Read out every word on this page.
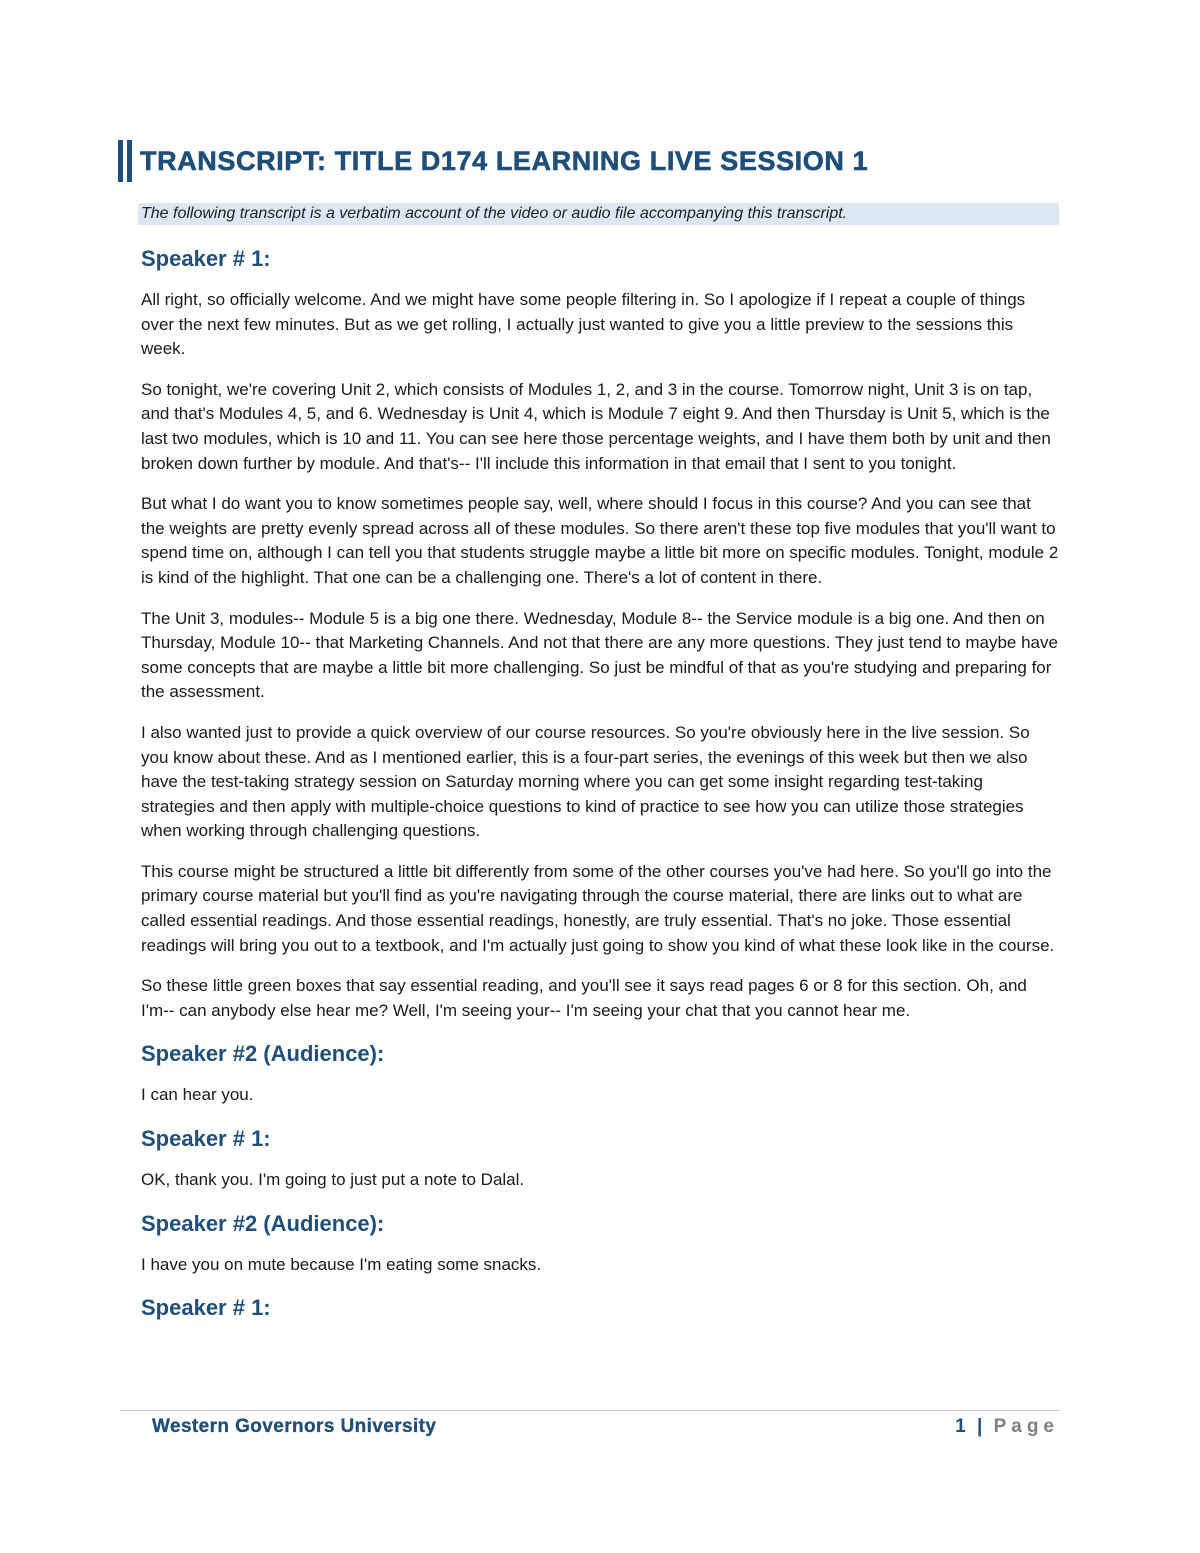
TRANSCRIPT: TITLE D174 LEARNING LIVE SESSION 1
The following transcript is a verbatim account of the video or audio file accompanying this transcript.
Speaker # 1:

All right, so officially welcome. And we might have some people filtering in. So I apologize if I repeat a couple of things over the next few minutes. But as we get rolling, I actually just wanted to give you a little preview to the sessions this week.

So tonight, we're covering Unit 2, which consists of Modules 1, 2, and 3 in the course. Tomorrow night, Unit 3 is on tap, and that's Modules 4, 5, and 6. Wednesday is Unit 4, which is Module 7 eight 9. And then Thursday is Unit 5, which is the last two modules, which is 10 and 11. You can see here those percentage weights, and I have them both by unit and then broken down further by module. And that's-- I'll include this information in that email that I sent to you tonight.

But what I do want you to know sometimes people say, well, where should I focus in this course? And you can see that the weights are pretty evenly spread across all of these modules. So there aren't these top five modules that you'll want to spend time on, although I can tell you that students struggle maybe a little bit more on specific modules. Tonight, module 2 is kind of the highlight. That one can be a challenging one. There's a lot of content in there.

The Unit 3, modules-- Module 5 is a big one there. Wednesday, Module 8-- the Service module is a big one. And then on Thursday, Module 10-- that Marketing Channels. And not that there are any more questions. They just tend to maybe have some concepts that are maybe a little bit more challenging. So just be mindful of that as you're studying and preparing for the assessment.

I also wanted just to provide a quick overview of our course resources. So you're obviously here in the live session. So you know about these. And as I mentioned earlier, this is a four-part series, the evenings of this week but then we also have the test-taking strategy session on Saturday morning where you can get some insight regarding test-taking strategies and then apply with multiple-choice questions to kind of practice to see how you can utilize those strategies when working through challenging questions.

This course might be structured a little bit differently from some of the other courses you've had here. So you'll go into the primary course material but you'll find as you're navigating through the course material, there are links out to what are called essential readings. And those essential readings, honestly, are truly essential. That's no joke. Those essential readings will bring you out to a textbook, and I'm actually just going to show you kind of what these look like in the course.

So these little green boxes that say essential reading, and you'll see it says read pages 6 or 8 for this section. Oh, and I'm-- can anybody else hear me? Well, I'm seeing your-- I'm seeing your chat that you cannot hear me.

Speaker #2 (Audience):

I can hear you.

Speaker # 1:

OK, thank you. I'm going to just put a note to Dalal.

Speaker #2 (Audience):

I have you on mute because I'm eating some snacks.

Speaker # 1:
Western Governors University	1 | Page
